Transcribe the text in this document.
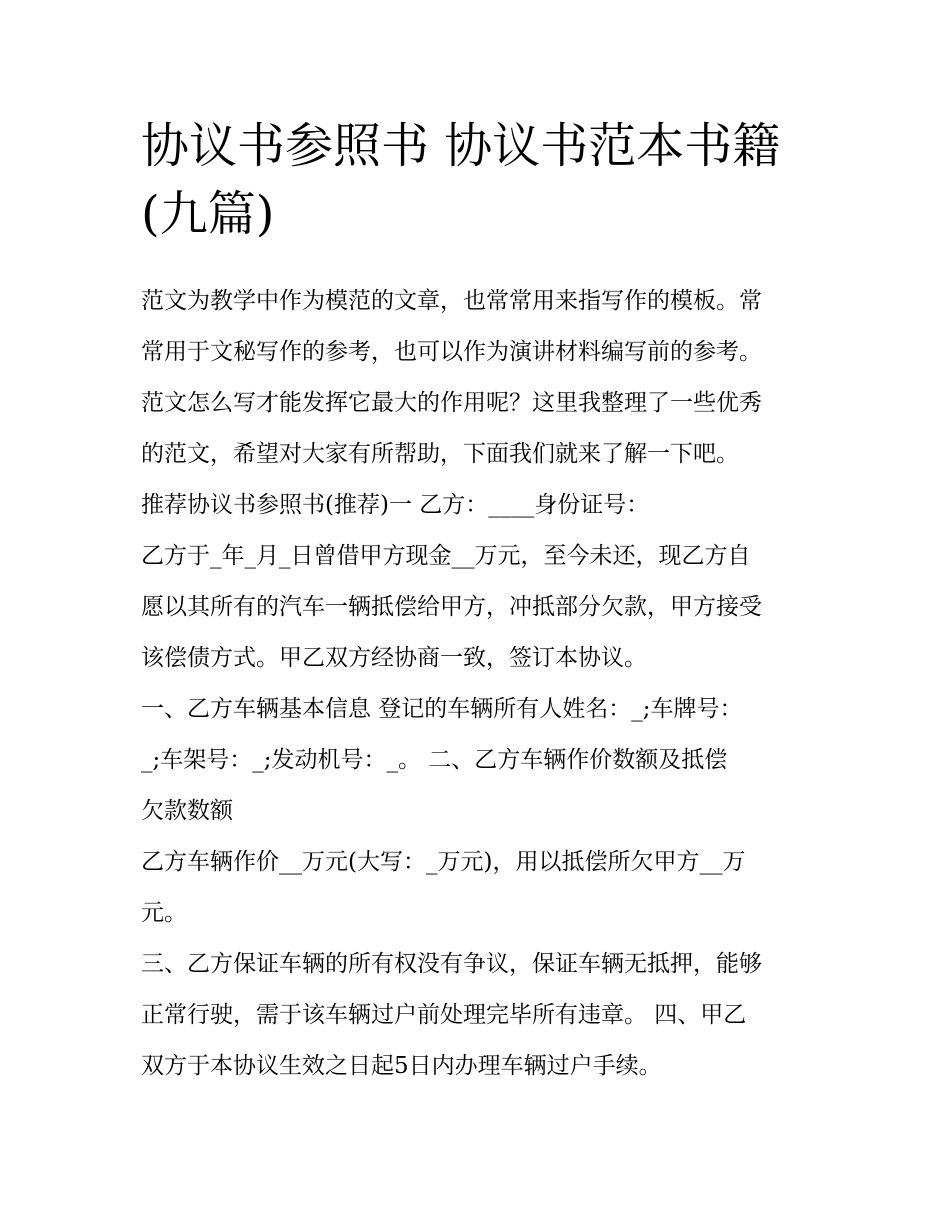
协议书参照书 协议书范本书籍
(九篇)

范文为教学中作为模范的文章，也常常用来指写作的模板。常
常用于文秘写作的参考，也可以作为演讲材料编写前的参考。
范文怎么写才能发挥它最大的作用呢？这里我整理了一些优秀
的范文，希望对大家有所帮助，下面我们就来了解一下吧。

推荐协议书参照书(推荐)一 乙方：____身份证号：

乙方于_年_月_日曾借甲方现金__万元，至今未还，现乙方自
愿以其所有的汽车一辆抵偿给甲方，冲抵部分欠款，甲方接受
该偿债方式。甲乙双方经协商一致，签订本协议。

一、乙方车辆基本信息 登记的车辆所有人姓名：_;车牌号：
_;车架号：_;发动机号：_。 二、乙方车辆作价数额及抵偿
欠款数额

乙方车辆作价__万元(大写：_万元)，用以抵偿所欠甲方__万
元。

三、乙方保证车辆的所有权没有争议，保证车辆无抵押，能够
正常行驶，需于该车辆过户前处理完毕所有违章。 四、甲乙
双方于本协议生效之日起5日内办理车辆过户手续。
